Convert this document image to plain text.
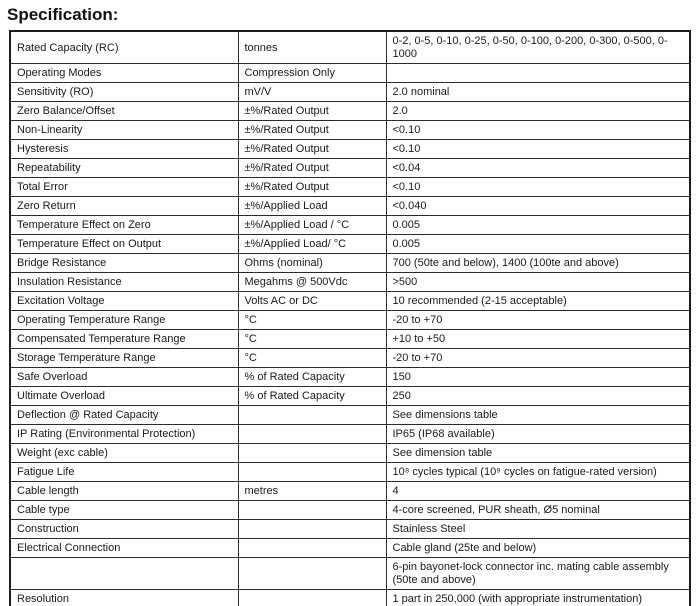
Specification:
Rated Capacity (RC)	tonnes	0-2, 0-5, 0-10, 0-25, 0-50, 0-100, 0-200, 0-300, 0-500, 0-1000
Operating Modes	Compression Only	
Sensitivity (RO)	mV/V	2.0 nominal
Zero Balance/Offset	±%/Rated Output	2.0
Non-Linearity	±%/Rated Output	<0.10
Hysteresis	±%/Rated Output	<0.10
Repeatability	±%/Rated Output	<0.04
Total Error	±%/Rated Output	<0.10
Zero Return	±%/Applied Load	<0.040
Temperature Effect on Zero	±%/Applied Load / °C	0.005
Temperature Effect on Output	±%/Applied Load/ °C	0.005
Bridge Resistance	Ohms (nominal)	700 (50te and below), 1400 (100te and above)
Insulation Resistance	Megahms @ 500Vdc	>500
Excitation Voltage	Volts AC or DC	10 recommended (2-15 acceptable)
Operating Temperature Range	°C	-20 to +70
Compensated Temperature Range	°C	+10 to +50
Storage Temperature Range	°C	-20 to +70
Safe Overload	% of Rated Capacity	150
Ultimate Overload	% of Rated Capacity	250
Deflection @ Rated Capacity		See dimensions table
IP Rating (Environmental Protection)		IP65 (IP68 available)
Weight (exc cable)		See dimension table
Fatigue Life		10⁸ cycles typical (10⁹ cycles on fatigue-rated version)
Cable length	metres	4
Cable type		4-core screened, PUR sheath, Ø5 nominal
Construction		Stainless Steel
Electrical Connection		Cable gland (25te and below)
		6-pin bayonet-lock connector inc. mating cable assembly (50te and above)
Resolution		1 part in 250,000 (with appropriate instrumentation)
